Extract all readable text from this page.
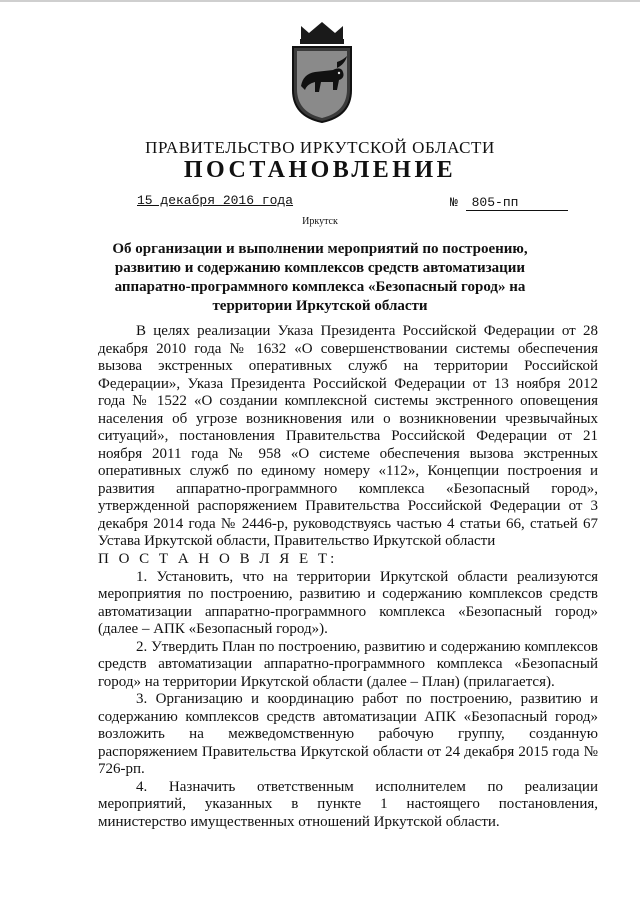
ПРАВИТЕЛЬСТВО ИРКУТСКОЙ ОБЛАСТИ
ПОСТАНОВЛЕНИЕ
15 декабря 2016 года	№ 805-пп
Иркутск
Об организации и выполнении мероприятий по построению, развитию и содержанию комплексов средств автоматизации аппаратно-программного комплекса «Безопасный город» на территории Иркутской области

В целях реализации Указа Президента Российской Федерации от 28 декабря 2010 года № 1632 «О совершенствовании системы обеспечения вызова экстренных оперативных служб на территории Российской Федерации», Указа Президента Российской Федерации от 13 ноября 2012 года № 1522 «О создании комплексной системы экстренного оповещения населения об угрозе возникновения или о возникновении чрезвычайных ситуаций», постановления Правительства Российской Федерации от 21 ноября 2011 года № 958 «О системе обеспечения вызова экстренных оперативных служб по единому номеру «112», Концепции построения и развития аппаратно-программного комплекса «Безопасный город», утвержденной распоряжением Правительства Российской Федерации от 3 декабря 2014 года № 2446-р, руководствуясь частью 4 статьи 66, статьей 67 Устава Иркутской области, Правительство Иркутской области

П О С Т А Н О В Л Я Е Т:

1. Установить, что на территории Иркутской области реализуются мероприятия по построению, развитию и содержанию комплексов средств автоматизации аппаратно-программного комплекса «Безопасный город» (далее – АПК «Безопасный город»).

2. Утвердить План по построению, развитию и содержанию комплексов средств автоматизации аппаратно-программного комплекса «Безопасный город» на территории Иркутской области (далее – План) (прилагается).

3. Организацию и координацию работ по построению, развитию и содержанию комплексов средств автоматизации АПК «Безопасный город» возложить на межведомственную рабочую группу, созданную распоряжением Правительства Иркутской области от 24 декабря 2015 года № 726-рп.

4. Назначить ответственным исполнителем по реализации мероприятий, указанных в пункте 1 настоящего постановления, министерство имущественных отношений Иркутской области.
